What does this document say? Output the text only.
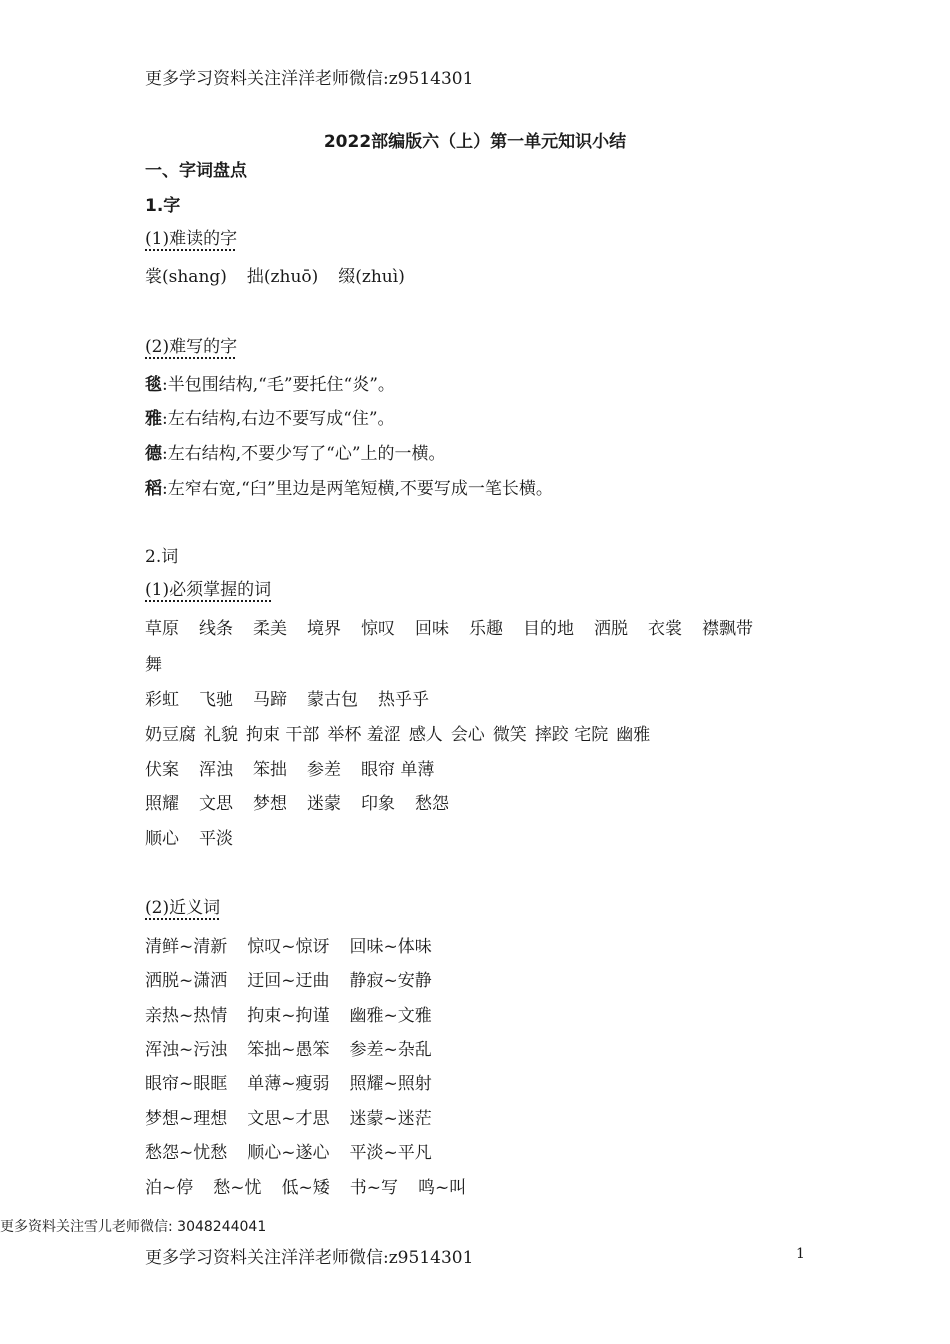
更多学习资料关注洋洋老师微信:z9514301
2022部编版六（上）第一单元知识小结
一、字词盘点
1.字
(1)难读的字
裳(shang) 拙(zhuō) 缀(zhuì)
(2)难写的字
毯:半包围结构,“毛”要托住“炎”。
雅:左右结构,右边不要写成“住”。
德:左右结构,不要少写了“心”上的一横。
稻:左窄右宽,“臼”里边是两笔短横,不要写成一笔长横。
2.词
(1)必须掌握的词
草原 线条 柔美 境界 惊叹 回味 乐趣 目的地 洒脱 衣裳 襟飘带
舞
彩虹 飞驰 马蹄 蒙古包 热乎乎
奶豆腐 礼貌 拘束 干部 举杯 羞涩 感人 会心 微笑 摔跤 宅院 幽雅
伏案 浑浊 笨拙 参差 眼帘 单薄
照耀 文思 梦想 迷蒙 印象 愁怨
顺心 平淡
(2)近义词
清鲜~清新 惊叹~惊讶 回味~体味
洒脱~潇洒 迂回~迂曲 静寂~安静
亲热~热情 拘束~拘谨 幽雅~文雅
浑浊~污浊 笨拙~愚笨 参差~杂乱
眼帘~眼眶 单薄~瘦弱 照耀~照射
梦想~理想 文思~才思 迷蒙~迷茫
愁怨~忧愁 顺心~遂心 平淡~平凡
泊~停 愁~忧 低~矮 书~写 鸣~叫
更多资料关注雪儿老师微信: 3048244041
更多学习资料关注洋洋老师微信:z9514301	1
